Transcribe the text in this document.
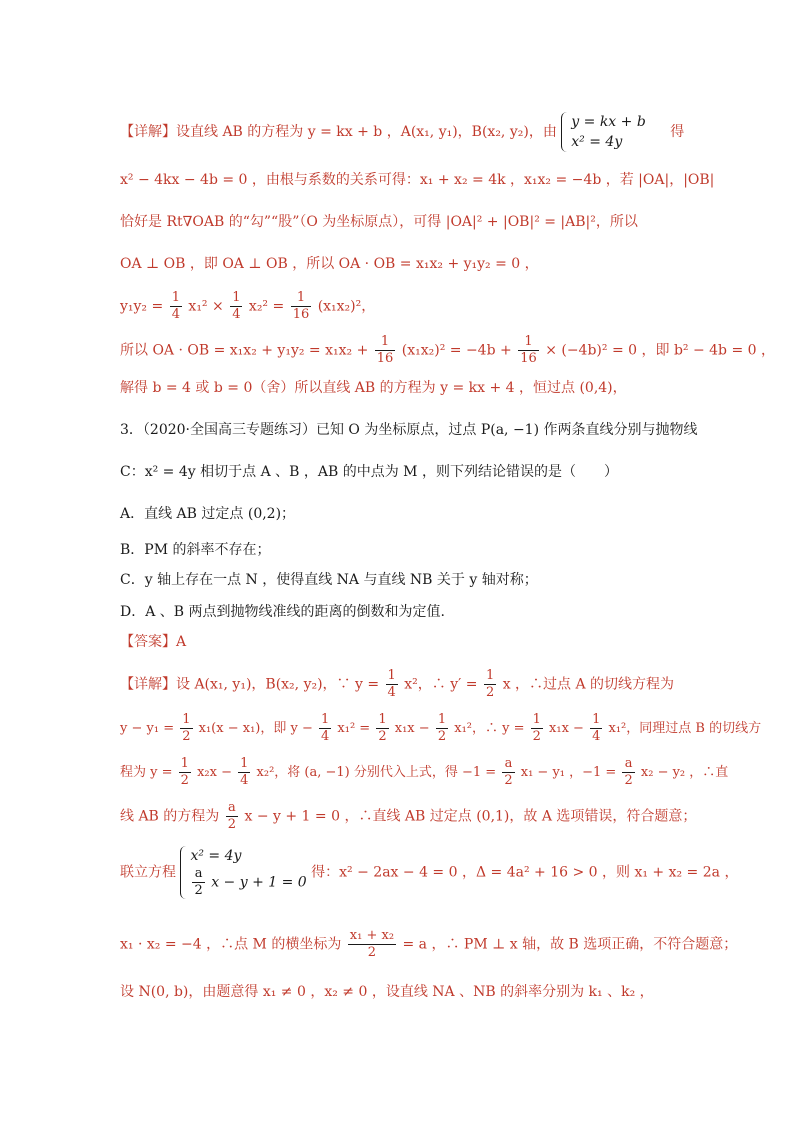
【详解】设直线 AB 的方程为 y = kx + b ，A(x₁, y₁)，B(x₂, y₂)，由
y = kx + b
x² = 4y
得
x² − 4kx − 4b = 0 ，由根与系数的关系可得：x₁ + x₂ = 4k ，x₁x₂ = −4b ，若 |OA|，|OB|
恰好是 Rt∇OAB 的“勾”“股”（O 为坐标原点），可得 |OA|² + |OB|² = |AB|²，所以
OA ⊥ OB ，即 OA ⊥ OB ，所以 OA · OB = x₁x₂ + y₁y₂ = 0 ，
$y_1y_2 = \frac{1}{4} x_1^2 \times \frac{1}{4} x_2^2 = \frac{1}{16} (x_1x_2)^2$，
所以 OA · OB = $x_1x_2 + y_1y_2 = x_1x_2 + \frac{1}{16} (x_1x_2)^2 = -4b + \frac{1}{16} \times (-4b)^2 = 0$ ，即 b² − 4b = 0 ，
解得 b = 4 或 b = 0（舍）所以直线 AB 的方程为 y = kx + 4 ，恒过点 (0,4)，
3．（2020·全国高三专题练习）已知 O 为坐标原点，过点 P(a, −1) 作两条直线分别与抛物线
C：x² = 4y 相切于点 A 、B ，AB 的中点为 M ，则下列结论错误的是（　　）
A．直线 AB 过定点 (0,2)；
B．PM 的斜率不存在；
C．y 轴上存在一点 N ，使得直线 NA 与直线 NB 关于 y 轴对称；
D．A 、B 两点到抛物线准线的距离的倒数和为定值.
【答案】A
【详解】设 A(x₁, y₁)，B(x₂, y₂)，∵ $y = \frac{1}{4} x^2$，∴ $y' = \frac{1}{2}$ x ，∴过点 A 的切线方程为
$y - y_1 = \frac{1}{2} x_1(x - x_1)$，即 $y - \frac{1}{4} x_1^2 = \frac{1}{2} x_1x - \frac{1}{2} x_1^2$，∴ $y = \frac{1}{2} x_1x - \frac{1}{4} x_1^2$，同理过点 B 的切线方
程为 $y = \frac{1}{2} x_2x - \frac{1}{4} x_2^2$，将 (a, −1) 分别代入上式，得 $-1 = \frac{a}{2} x_1 - y_1$ ，$-1 = \frac{a}{2} x_2 - y_2$ ，∴直
线 AB 的方程为 $\frac{a}{2}$ x − y + 1 = 0 ，∴直线 AB 过定点 (0,1)，故 A 选项错误，符合题意；
联立方程
x² = 4y
$\frac{a}{2}$ x − y + 1 = 0
得：x² − 2ax − 4 = 0 ，Δ = 4a² + 16 > 0 ，则 x₁ + x₂ = 2a ，
x₁ · x₂ = −4 ，∴点 M 的横坐标为 $\frac{\text{x₁ + x₂}}{2} = a$ ，∴ PM ⊥ x 轴，故 B 选项正确，不符合题意；
设 N(0, b)，由题意得 x₁ ≠ 0 ，x₂ ≠ 0 ，设直线 NA 、NB 的斜率分别为 k₁ 、k₂ ，
